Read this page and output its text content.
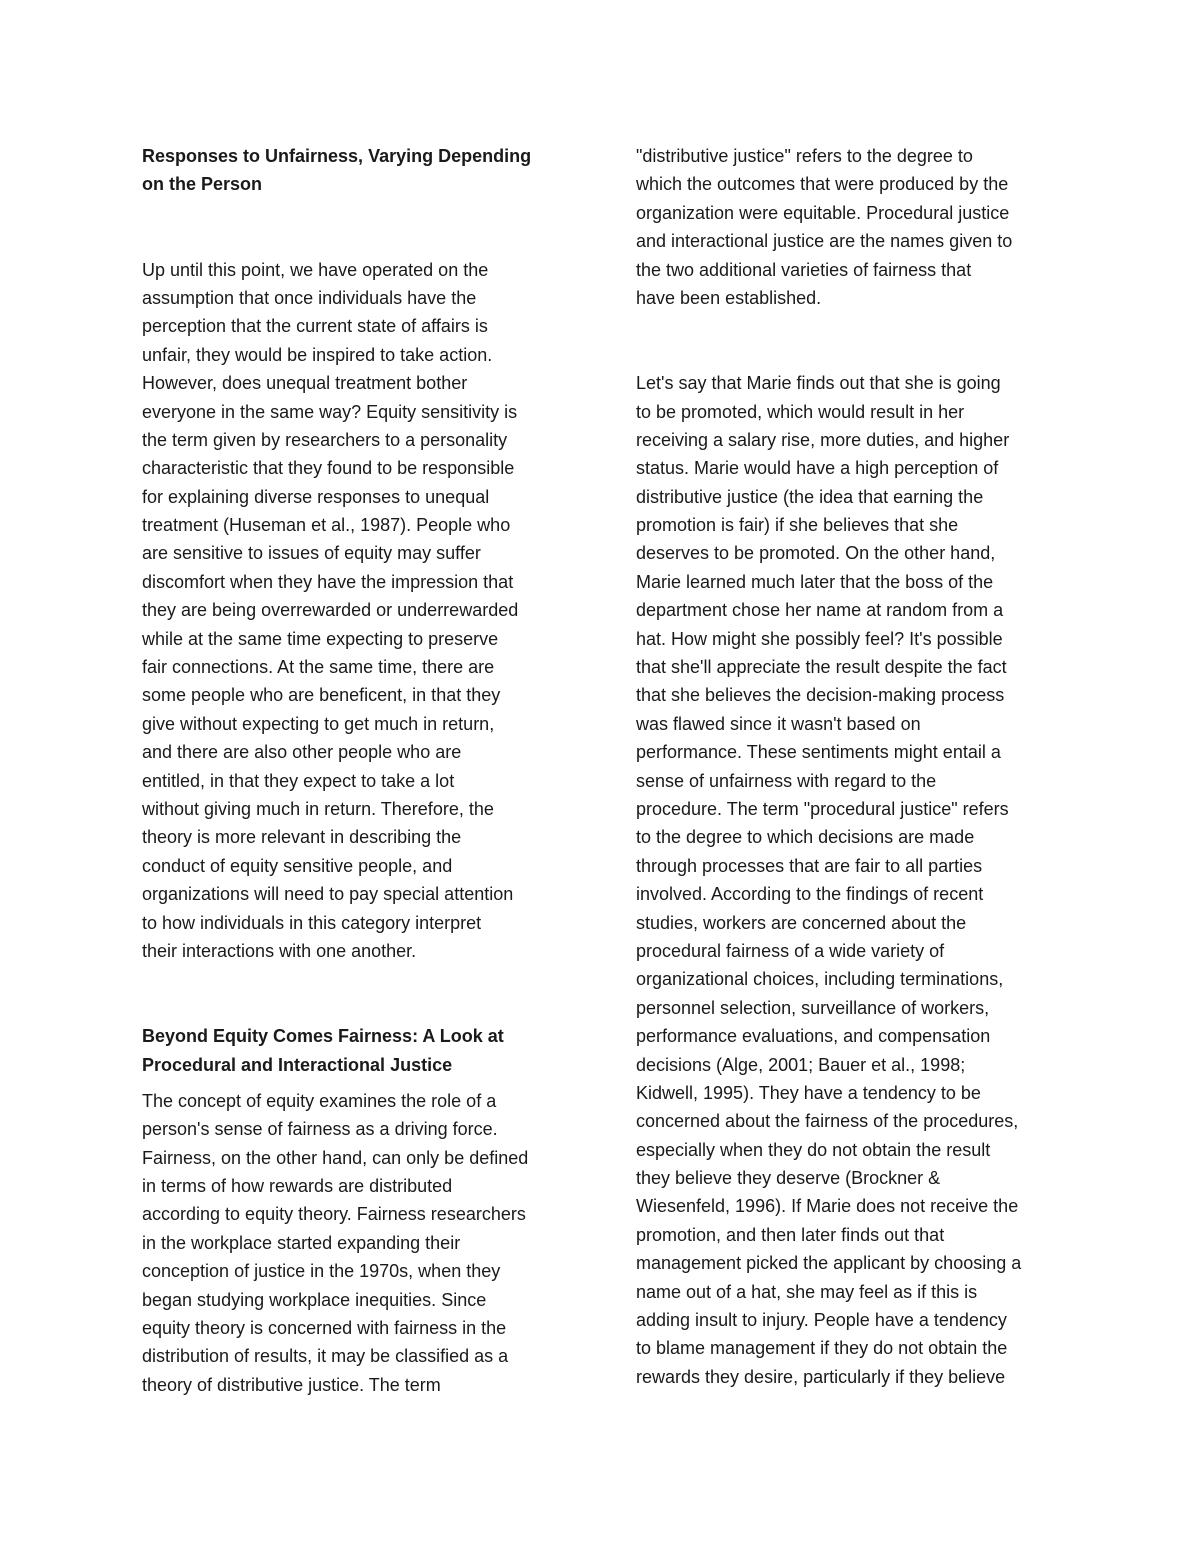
Responses to Unfairness, Varying Depending
on the Person
Up until this point, we have operated on the
assumption that once individuals have the
perception that the current state of affairs is
unfair, they would be inspired to take action.
However, does unequal treatment bother
everyone in the same way? Equity sensitivity is
the term given by researchers to a personality
characteristic that they found to be responsible
for explaining diverse responses to unequal
treatment (Huseman et al., 1987). People who
are sensitive to issues of equity may suffer
discomfort when they have the impression that
they are being overrewarded or underrewarded
while at the same time expecting to preserve
fair connections. At the same time, there are
some people who are beneficent, in that they
give without expecting to get much in return,
and there are also other people who are
entitled, in that they expect to take a lot
without giving much in return. Therefore, the
theory is more relevant in describing the
conduct of equity sensitive people, and
organizations will need to pay special attention
to how individuals in this category interpret
their interactions with one another.
Beyond Equity Comes Fairness: A Look at
Procedural and Interactional Justice
The concept of equity examines the role of a
person's sense of fairness as a driving force.
Fairness, on the other hand, can only be defined
in terms of how rewards are distributed
according to equity theory. Fairness researchers
in the workplace started expanding their
conception of justice in the 1970s, when they
began studying workplace inequities. Since
equity theory is concerned with fairness in the
distribution of results, it may be classified as a
theory of distributive justice. The term
"distributive justice" refers to the degree to
which the outcomes that were produced by the
organization were equitable. Procedural justice
and interactional justice are the names given to
the two additional varieties of fairness that
have been established.
Let's say that Marie finds out that she is going
to be promoted, which would result in her
receiving a salary rise, more duties, and higher
status. Marie would have a high perception of
distributive justice (the idea that earning the
promotion is fair) if she believes that she
deserves to be promoted. On the other hand,
Marie learned much later that the boss of the
department chose her name at random from a
hat. How might she possibly feel? It's possible
that she'll appreciate the result despite the fact
that she believes the decision-making process
was flawed since it wasn't based on
performance. These sentiments might entail a
sense of unfairness with regard to the
procedure. The term "procedural justice" refers
to the degree to which decisions are made
through processes that are fair to all parties
involved. According to the findings of recent
studies, workers are concerned about the
procedural fairness of a wide variety of
organizational choices, including terminations,
personnel selection, surveillance of workers,
performance evaluations, and compensation
decisions (Alge, 2001; Bauer et al., 1998;
Kidwell, 1995). They have a tendency to be
concerned about the fairness of the procedures,
especially when they do not obtain the result
they believe they deserve (Brockner &
Wiesenfeld, 1996). If Marie does not receive the
promotion, and then later finds out that
management picked the applicant by choosing a
name out of a hat, she may feel as if this is
adding insult to injury. People have a tendency
to blame management if they do not obtain the
rewards they desire, particularly if they believe
